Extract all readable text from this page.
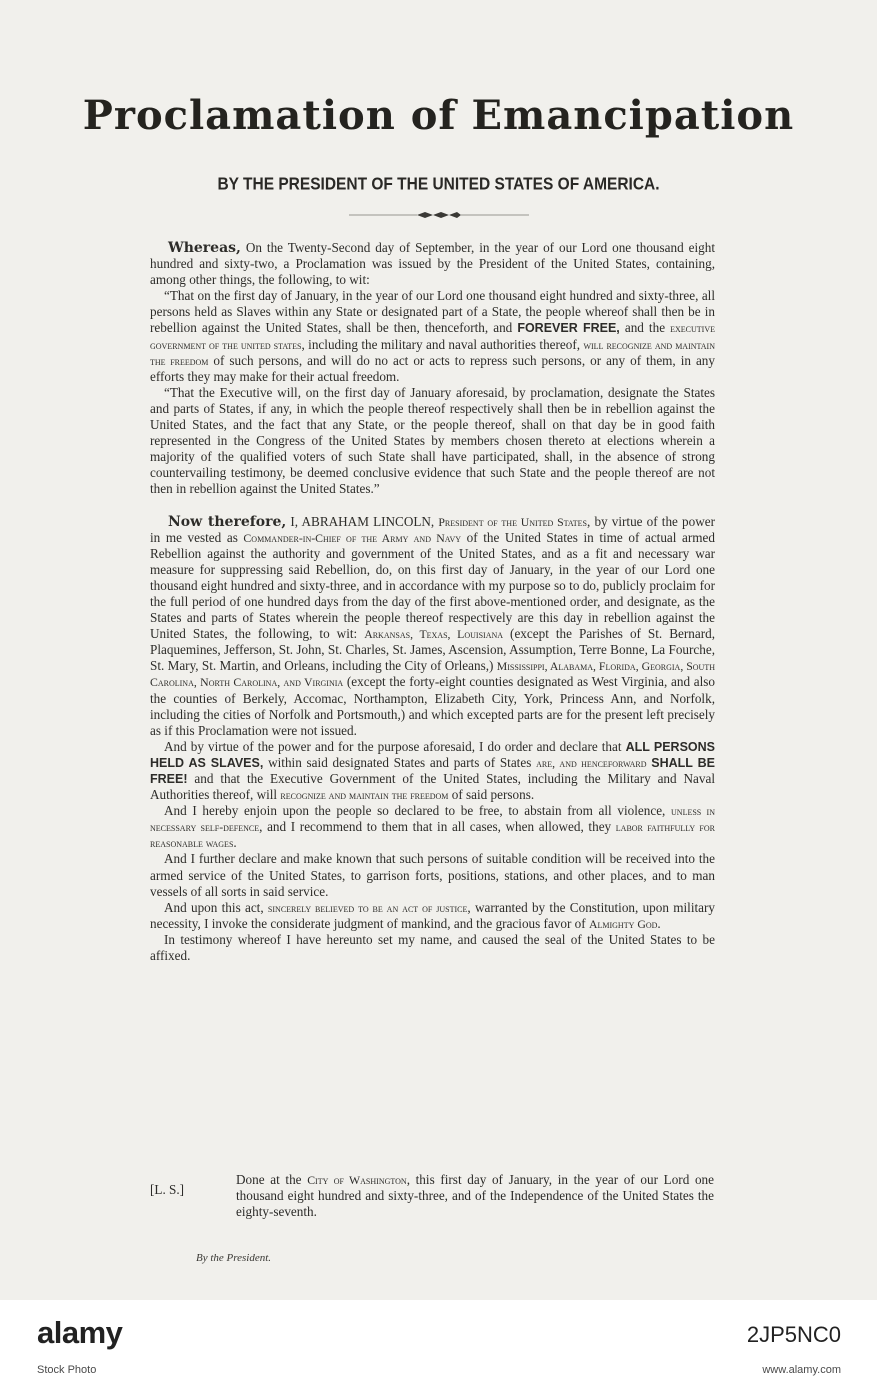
Proclamation of Emancipation
BY THE PRESIDENT OF THE UNITED STATES OF AMERICA.

Whereas, On the Twenty-Second day of September, in the year of our Lord one thousand eight hundred and sixty-two, a Proclamation was issued by the President of the United States, containing, among other things, the following, to wit:

“That on the first day of January, in the year of our Lord one thousand eight hundred and sixty-three, all persons held as Slaves within any State or designated part of a State, the people whereof shall then be in rebellion against the United States, shall be then, thenceforth, and FOREVER FREE, and the executive government of the united states, including the military and naval authorities thereof, will recognize and maintain the freedom of such persons, and will do no act or acts to repress such persons, or any of them, in any efforts they may make for their actual freedom.

“That the Executive will, on the first day of January aforesaid, by proclamation, designate the States and parts of States, if any, in which the people thereof respectively shall then be in rebellion against the United States, and the fact that any State, or the people thereof, shall on that day be in good faith represented in the Congress of the United States by members chosen thereto at elections wherein a majority of the qualified voters of such State shall have participated, shall, in the absence of strong countervailing testimony, be deemed conclusive evidence that such State and the people thereof are not then in rebellion against the United States.”

Now therefore, I, ABRAHAM LINCOLN, President of the United States, by virtue of the power in me vested as Commander-in-Chief of the Army and Navy of the United States in time of actual armed Rebellion against the authority and government of the United States, and as a fit and necessary war measure for suppressing said Rebellion, do, on this first day of January, in the year of our Lord one thousand eight hundred and sixty-three, and in accordance with my purpose so to do, publicly proclaim for the full period of one hundred days from the day of the first above-mentioned order, and designate, as the States and parts of States wherein the people thereof respectively are this day in rebellion against the United States, the following, to wit: Arkansas, Texas, Louisiana (except the Parishes of St. Bernard, Plaquemines, Jefferson, St. John, St. Charles, St. James, Ascension, Assumption, Terre Bonne, La Fourche, St. Mary, St. Martin, and Orleans, including the City of Orleans,) Mississippi, Alabama, Florida, Georgia, South Carolina, North Carolina, and Virginia (except the forty-eight counties designated as West Virginia, and also the counties of Berkely, Accomac, Northampton, Elizabeth City, York, Princess Ann, and Norfolk, including the cities of Norfolk and Portsmouth,) and which excepted parts are for the present left precisely as if this Proclamation were not issued.

And by virtue of the power and for the purpose aforesaid, I do order and declare that ALL PERSONS HELD AS SLAVES, within said designated States and parts of States are, and henceforward SHALL BE FREE! and that the Executive Government of the United States, including the Military and Naval Authorities thereof, will recognize and maintain the freedom of said persons.

And I hereby enjoin upon the people so declared to be free, to abstain from all violence, unless in necessary self-defence, and I recommend to them that in all cases, when allowed, they labor faithfully for reasonable wages.

And I further declare and make known that such persons of suitable condition will be received into the armed service of the United States, to garrison forts, positions, stations, and other places, and to man vessels of all sorts in said service.

And upon this act, sincerely believed to be an act of justice, warranted by the Constitution, upon military necessity, I invoke the considerate judgment of mankind, and the gracious favor of Almighty God.

In testimony whereof I have hereunto set my name, and caused the seal of the United States to be affixed.

[L. S.]
Done at the City of Washington, this first day of January, in the year of our Lord one thousand eight hundred and sixty-three, and of the Independence of the United States the eighty-seventh.
By the President.
alamy
Stock Photo
2JP5NC0
www.alamy.com
